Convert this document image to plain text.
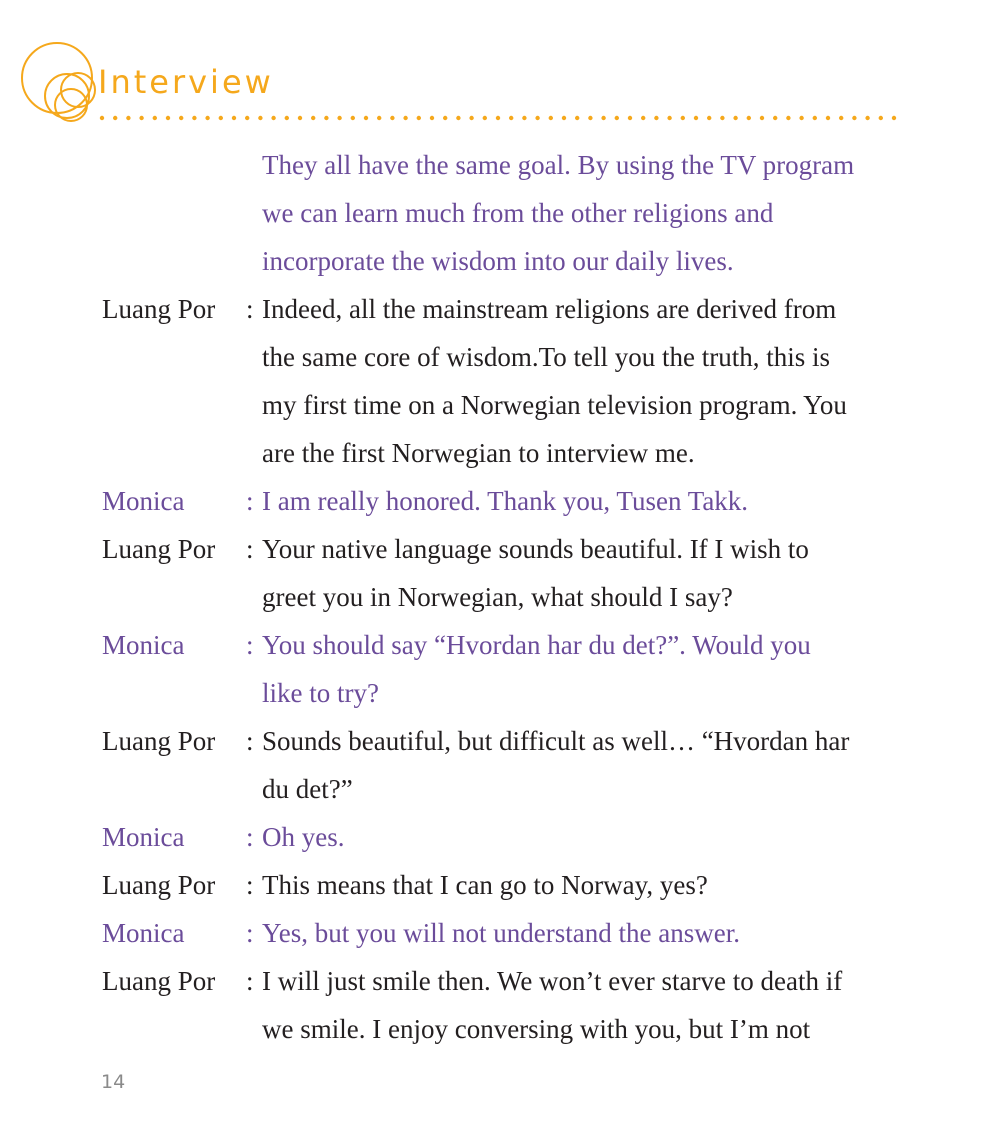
Interview
They all have the same goal. By using the TV program
we can learn much from the other religions and
incorporate the wisdom into our daily lives.
Luang Por : Indeed, all the mainstream religions are derived from
the same core of wisdom.To tell you the truth, this is
my first time on a Norwegian television program. You
are the first Norwegian to interview me.
Monica : I am really honored. Thank you, Tusen Takk.
Luang Por : Your native language sounds beautiful. If I wish to
greet you in Norwegian, what should I say?
Monica : You should say “Hvordan har du det?”. Would you
like to try?
Luang Por : Sounds beautiful, but difficult as well… “Hvordan har
du det?”
Monica : Oh yes.
Luang Por : This means that I can go to Norway, yes?
Monica : Yes, but you will not understand the answer.
Luang Por : I will just smile then. We won’t ever starve to death if
we smile. I enjoy conversing with you, but I’m not
14
